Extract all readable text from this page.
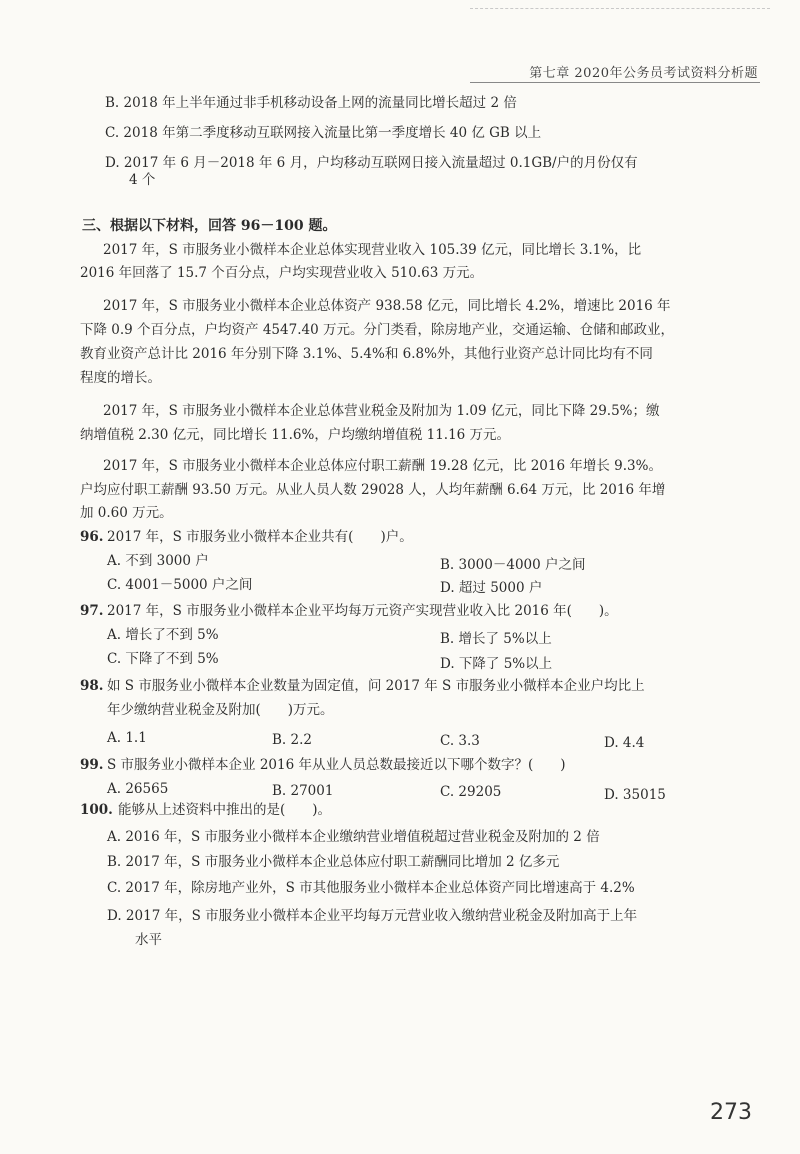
第七章 2020年公务员考试资料分析题
B. 2018 年上半年通过非手机移动设备上网的流量同比增长超过 2 倍
C. 2018 年第二季度移动互联网接入流量比第一季度增长 40 亿 GB 以上
D. 2017 年 6 月－2018 年 6 月，户均移动互联网日接入流量超过 0.1GB/户的月份仅有
4 个
三、根据以下材料，回答 96－100 题。
2017 年，S 市服务业小微样本企业总体实现营业收入 105.39 亿元，同比增长 3.1%，比
2016 年回落了 15.7 个百分点，户均实现营业收入 510.63 万元。
2017 年，S 市服务业小微样本企业总体资产 938.58 亿元，同比增长 4.2%，增速比 2016 年
下降 0.9 个百分点，户均资产 4547.40 万元。分门类看，除房地产业，交通运输、仓储和邮政业，
教育业资产总计比 2016 年分别下降 3.1%、5.4%和 6.8%外，其他行业资产总计同比均有不同
程度的增长。
2017 年，S 市服务业小微样本企业总体营业税金及附加为 1.09 亿元，同比下降 29.5%；缴
纳增值税 2.30 亿元，同比增长 11.6%，户均缴纳增值税 11.16 万元。
2017 年，S 市服务业小微样本企业总体应付职工薪酬 19.28 亿元，比 2016 年增长 9.3%。
户均应付职工薪酬 93.50 万元。从业人员人数 29028 人，人均年薪酬 6.64 万元，比 2016 年增
加 0.60 万元。
96. 2017 年，S 市服务业小微样本企业共有(　　)户。
A. 不到 3000 户	B. 3000－4000 户之间
C. 4001－5000 户之间	D. 超过 5000 户
97. 2017 年，S 市服务业小微样本企业平均每万元资产实现营业收入比 2016 年(　　)。
A. 增长了不到 5%	B. 增长了 5%以上
C. 下降了不到 5%	D. 下降了 5%以上
98. 如 S 市服务业小微样本企业数量为固定值，问 2017 年 S 市服务业小微样本企业户均比上
年少缴纳营业税金及附加(　　)万元。
A. 1.1	B. 2.2	C. 3.3	D. 4.4
99. S 市服务业小微样本企业 2016 年从业人员总数最接近以下哪个数字？(　　)
A. 26565	B. 27001	C. 29205	D. 35015
100. 能够从上述资料中推出的是(　　)。
A. 2016 年，S 市服务业小微样本企业缴纳营业增值税超过营业税金及附加的 2 倍
B. 2017 年，S 市服务业小微样本企业总体应付职工薪酬同比增加 2 亿多元
C. 2017 年，除房地产业外，S 市其他服务业小微样本企业总体资产同比增速高于 4.2%
D. 2017 年，S 市服务业小微样本企业平均每万元营业收入缴纳营业税金及附加高于上年
水平
273
